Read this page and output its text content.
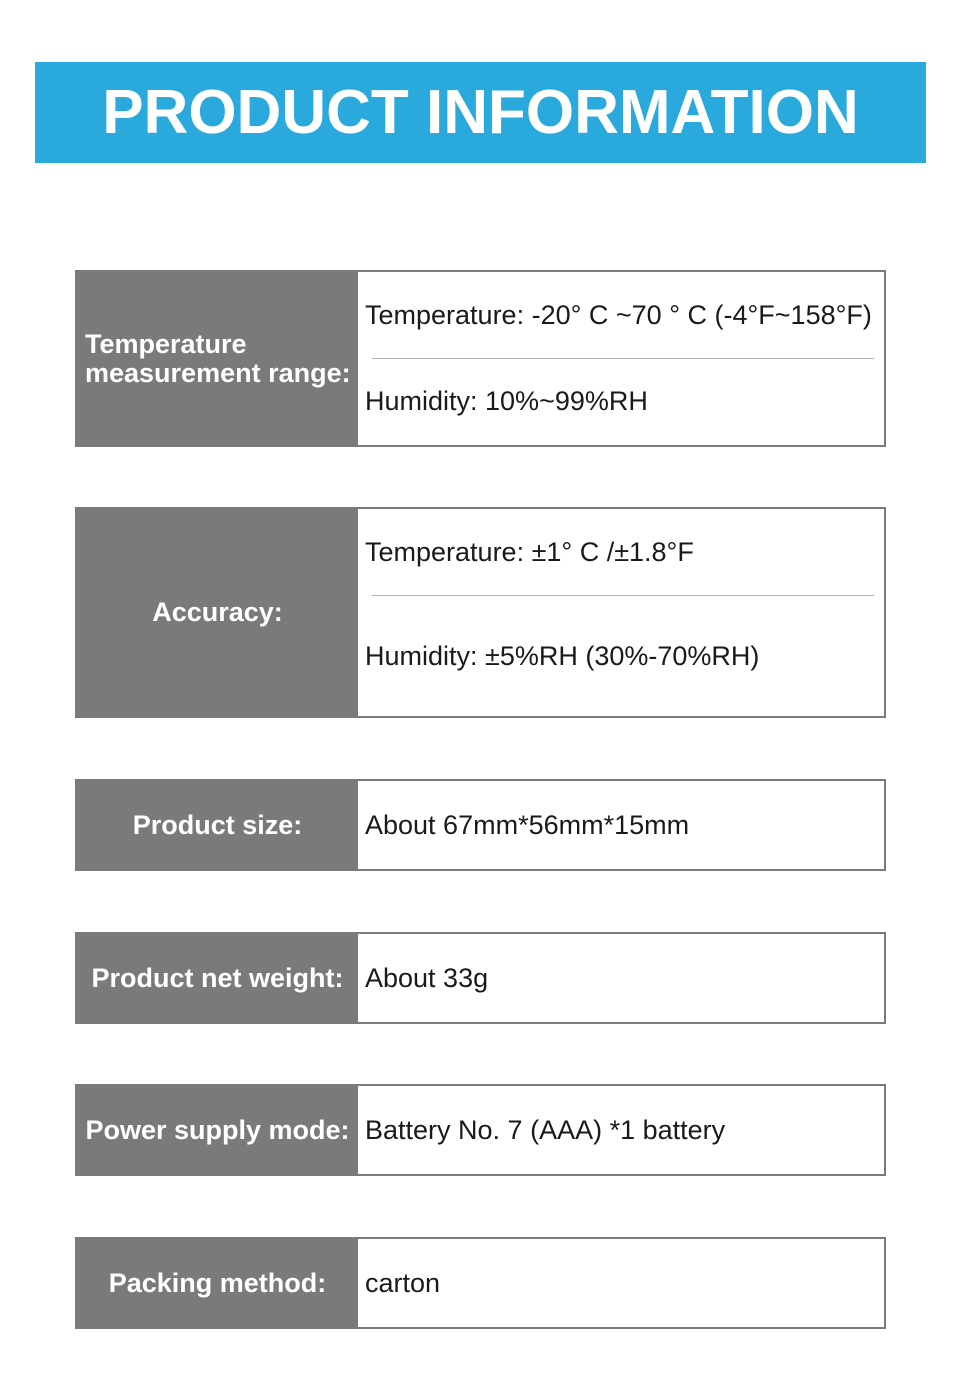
PRODUCT INFORMATION
Temperature measurement range:
Temperature: -20° C ~70 ° C (-4°F~158°F)
Humidity: 10%~99%RH
Accuracy:
Temperature: ±1° C /±1.8°F
Humidity: ±5%RH (30%-70%RH)
Product size:	About 67mm*56mm*15mm
Product net weight: About 33g
Power supply mode: Battery No. 7 (AAA) *1 battery
Packing method:	carton
